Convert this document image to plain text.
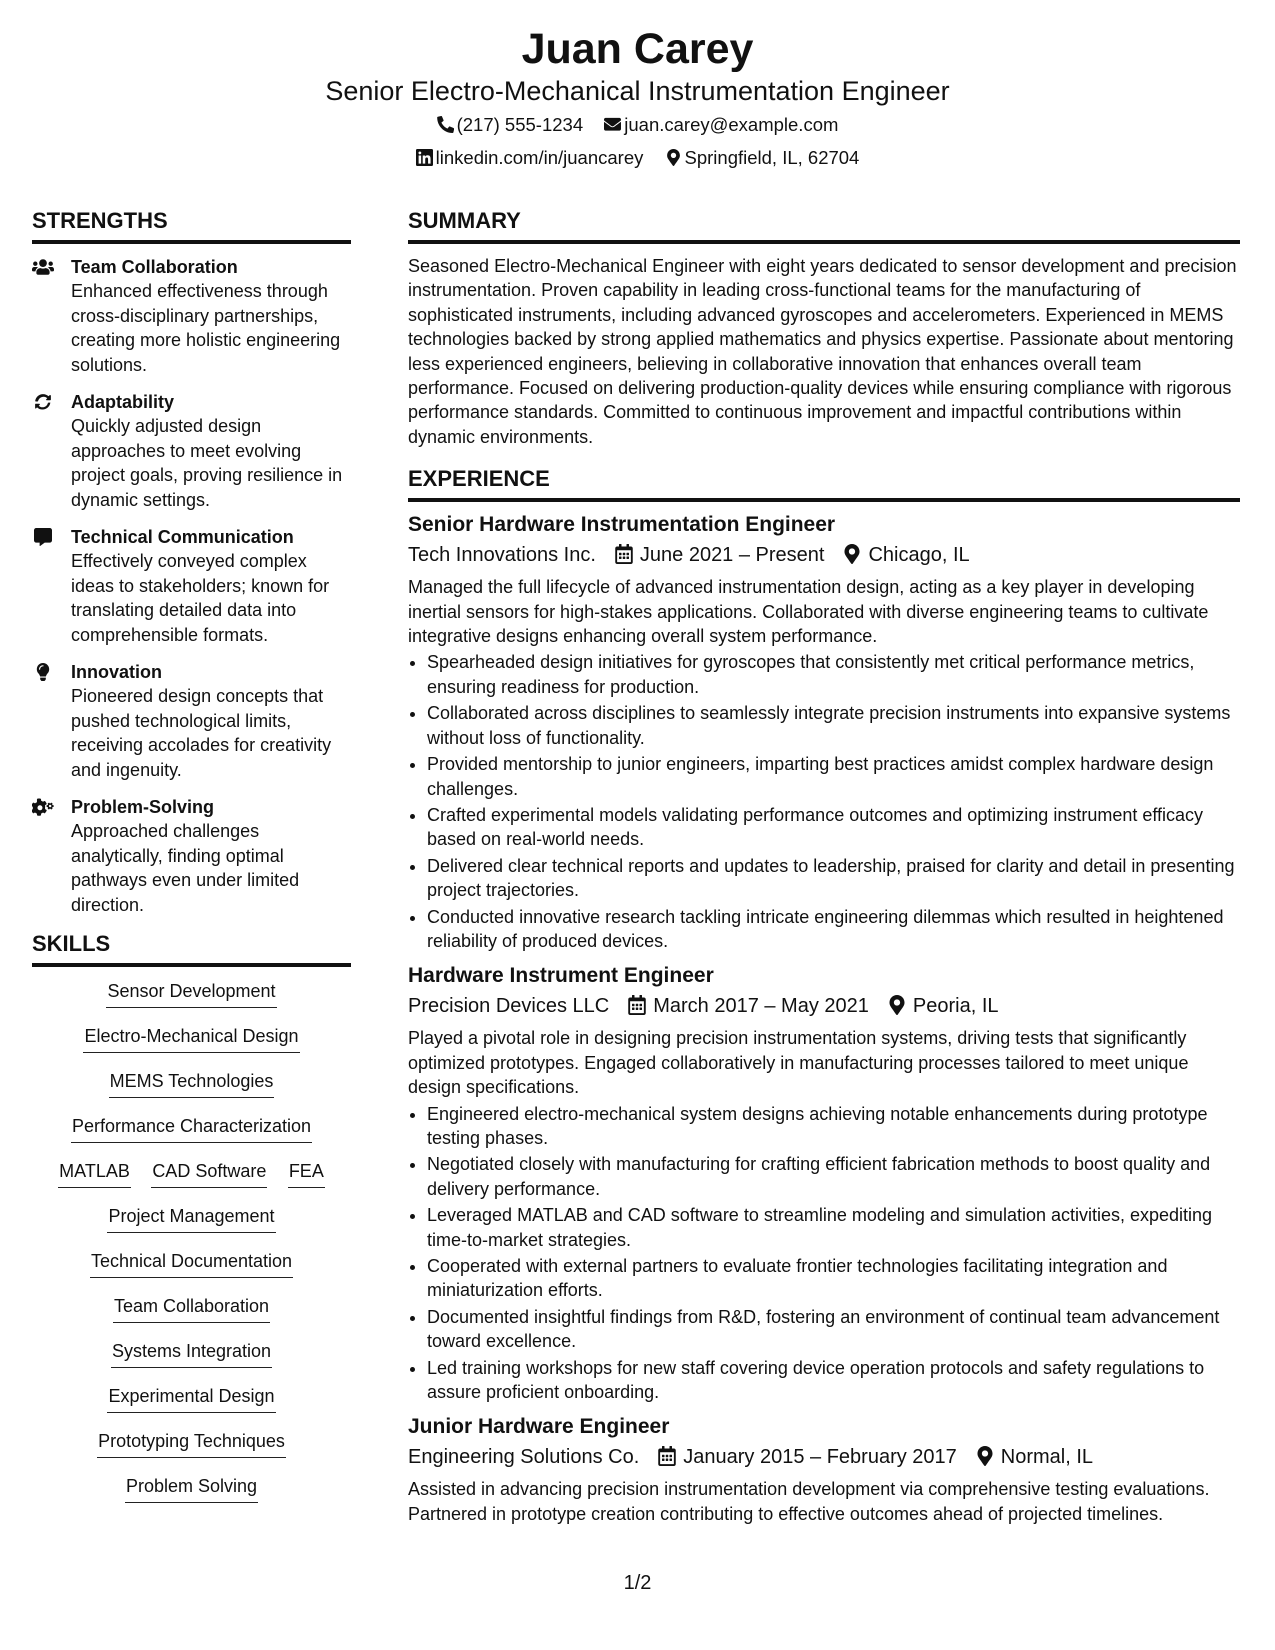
Juan Carey
Senior Electro-Mechanical Instrumentation Engineer
(217) 555-1234 juan.carey@example.com
linkedin.com/in/juancarey Springfield, IL, 62704
STRENGTHS
Team Collaboration
Enhanced effectiveness through cross-disciplinary partnerships, creating more holistic engineering solutions.
Adaptability
Quickly adjusted design approaches to meet evolving project goals, proving resilience in dynamic settings.
Technical Communication
Effectively conveyed complex ideas to stakeholders; known for translating detailed data into comprehensible formats.
Innovation
Pioneered design concepts that pushed technological limits, receiving accolades for creativity and ingenuity.
Problem-Solving
Approached challenges analytically, finding optimal pathways even under limited direction.
SKILLS
Sensor Development
Electro-Mechanical Design
MEMS Technologies
Performance Characterization
MATLAB CAD Software FEA
Project Management
Technical Documentation
Team Collaboration
Systems Integration
Experimental Design
Prototyping Techniques
Problem Solving
SUMMARY
Seasoned Electro-Mechanical Engineer with eight years dedicated to sensor development and precision instrumentation. Proven capability in leading cross-functional teams for the manufacturing of sophisticated instruments, including advanced gyroscopes and accelerometers. Experienced in MEMS technologies backed by strong applied mathematics and physics expertise. Passionate about mentoring less experienced engineers, believing in collaborative innovation that enhances overall team performance. Focused on delivering production-quality devices while ensuring compliance with rigorous performance standards. Committed to continuous improvement and impactful contributions within dynamic environments.
EXPERIENCE
Senior Hardware Instrumentation Engineer
Tech Innovations Inc. June 2021 – Present Chicago, IL
Managed the full lifecycle of advanced instrumentation design, acting as a key player in developing inertial sensors for high-stakes applications. Collaborated with diverse engineering teams to cultivate integrative designs enhancing overall system performance.
• Spearheaded design initiatives for gyroscopes that consistently met critical performance metrics, ensuring readiness for production.
• Collaborated across disciplines to seamlessly integrate precision instruments into expansive systems without loss of functionality.
• Provided mentorship to junior engineers, imparting best practices amidst complex hardware design challenges.
• Crafted experimental models validating performance outcomes and optimizing instrument efficacy based on real-world needs.
• Delivered clear technical reports and updates to leadership, praised for clarity and detail in presenting project trajectories.
• Conducted innovative research tackling intricate engineering dilemmas which resulted in heightened reliability of produced devices.
Hardware Instrument Engineer
Precision Devices LLC March 2017 – May 2021 Peoria, IL
Played a pivotal role in designing precision instrumentation systems, driving tests that significantly optimized prototypes. Engaged collaboratively in manufacturing processes tailored to meet unique design specifications.
• Engineered electro-mechanical system designs achieving notable enhancements during prototype testing phases.
• Negotiated closely with manufacturing for crafting efficient fabrication methods to boost quality and delivery performance.
• Leveraged MATLAB and CAD software to streamline modeling and simulation activities, expediting time-to-market strategies.
• Cooperated with external partners to evaluate frontier technologies facilitating integration and miniaturization efforts.
• Documented insightful findings from R&D, fostering an environment of continual team advancement toward excellence.
• Led training workshops for new staff covering device operation protocols and safety regulations to assure proficient onboarding.
Junior Hardware Engineer
Engineering Solutions Co. January 2015 – February 2017 Normal, IL
Assisted in advancing precision instrumentation development via comprehensive testing evaluations. Partnered in prototype creation contributing to effective outcomes ahead of projected timelines.
1/2
